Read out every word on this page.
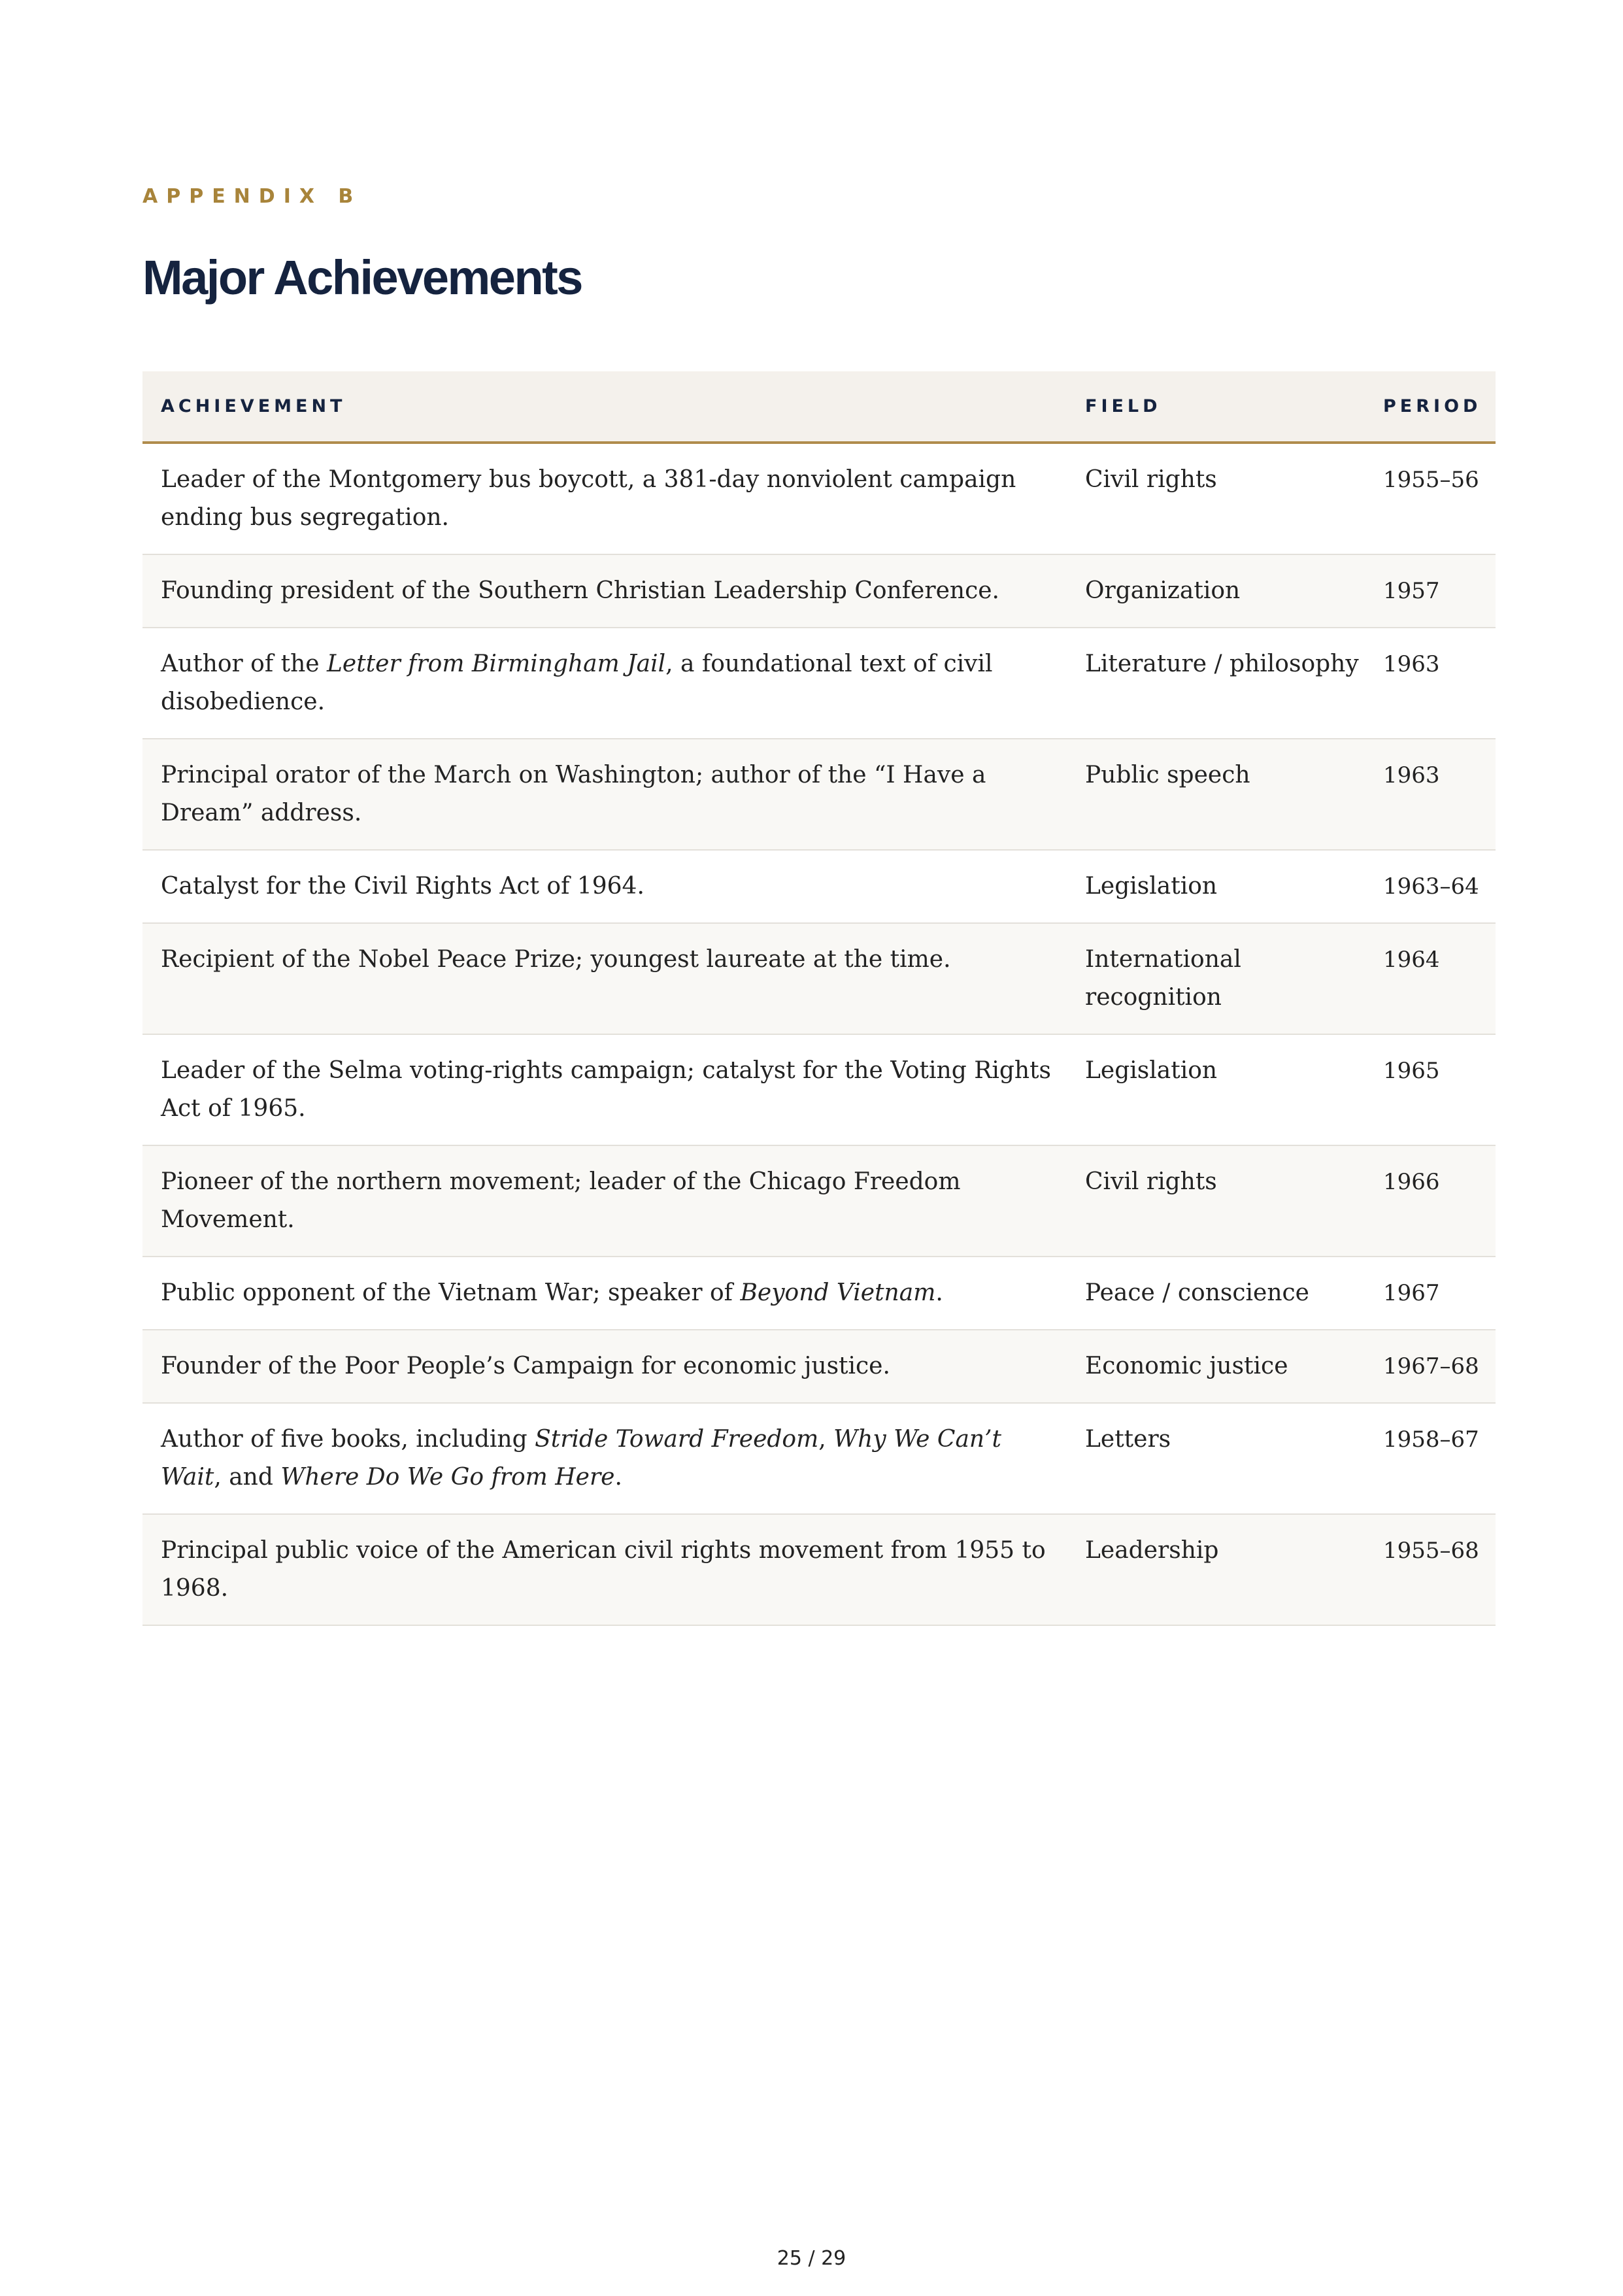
APPENDIX B
Major Achievements
ACHIEVEMENT	FIELD	PERIOD
Leader of the Montgomery bus boycott, a 381-day nonviolent campaign ending bus segregation.	Civil rights	1955–56
Founding president of the Southern Christian Leadership Conference.	Organization	1957
Author of the Letter from Birmingham Jail, a foundational text of civil disobedience.	Literature / philosophy	1963
Principal orator of the March on Washington; author of the “I Have a Dream” address.	Public speech	1963
Catalyst for the Civil Rights Act of 1964.	Legislation	1963–64
Recipient of the Nobel Peace Prize; youngest laureate at the time.	International recognition	1964
Leader of the Selma voting-rights campaign; catalyst for the Voting Rights Act of 1965.	Legislation	1965
Pioneer of the northern movement; leader of the Chicago Freedom Movement.	Civil rights	1966
Public opponent of the Vietnam War; speaker of Beyond Vietnam.	Peace / conscience	1967
Founder of the Poor People’s Campaign for economic justice.	Economic justice	1967–68
Author of five books, including Stride Toward Freedom, Why We Can’t Wait, and Where Do We Go from Here.	Letters	1958–67
Principal public voice of the American civil rights movement from 1955 to 1968.	Leadership	1955–68
25 / 29
